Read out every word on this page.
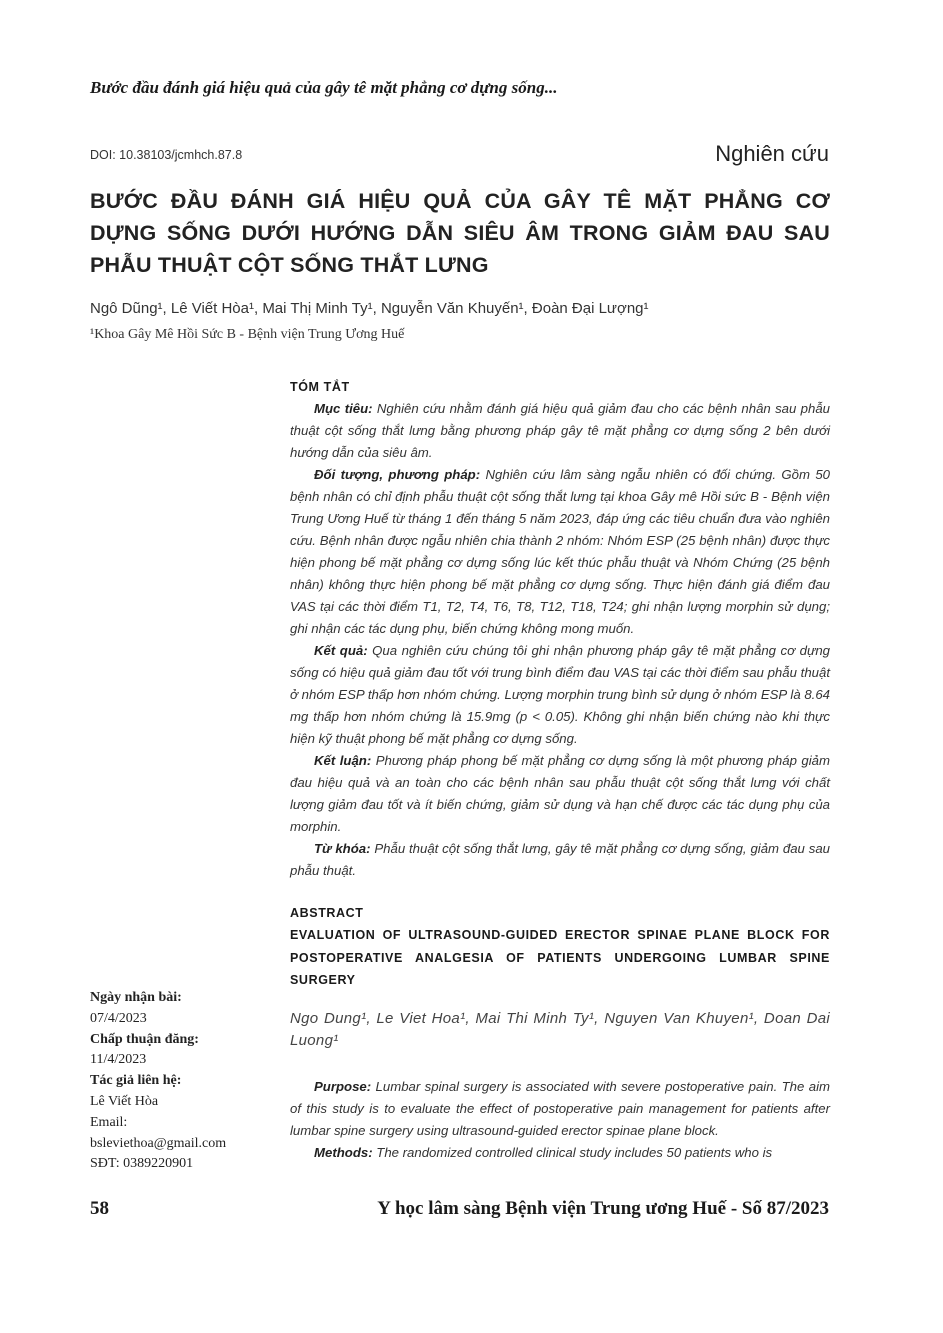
Bước đầu đánh giá hiệu quả của gây tê mặt phẳng cơ dựng sống...
DOI: 10.38103/jcmhch.87.8	Nghiên cứu
BƯỚC ĐẦU ĐÁNH GIÁ HIỆU QUẢ CỦA GÂY TÊ MẶT PHẲNG CƠ
DỰNG SỐNG DƯỚI HƯỚNG DẪN SIÊU ÂM TRONG GIẢM ĐAU SAU
PHẪU THUẬT CỘT SỐNG THẮT LƯNG
Ngô Dũng¹, Lê Viết Hòa¹, Mai Thị Minh Ty¹, Nguyễn Văn Khuyến¹, Đoàn Đại Lượng¹
¹Khoa Gây Mê Hồi Sức B - Bệnh viện Trung Ương Huế
TÓM TẮT

Mục tiêu: Nghiên cứu nhằm đánh giá hiệu quả giảm đau cho các bệnh nhân sau phẫu thuật cột sống thắt lưng bằng phương pháp gây tê mặt phẳng cơ dựng sống 2 bên dưới hướng dẫn của siêu âm.

Đối tượng, phương pháp: Nghiên cứu lâm sàng ngẫu nhiên có đối chứng. Gồm 50 bệnh nhân có chỉ định phẫu thuật cột sống thắt lưng tại khoa Gây mê Hồi sức B - Bệnh viện Trung Ương Huế từ tháng 1 đến tháng 5 năm 2023, đáp ứng các tiêu chuẩn đưa vào nghiên cứu. Bệnh nhân được ngẫu nhiên chia thành 2 nhóm: Nhóm ESP (25 bệnh nhân) được thực hiện phong bế mặt phẳng cơ dựng sống lúc kết thúc phẫu thuật và Nhóm Chứng (25 bệnh nhân) không thực hiện phong bế mặt phẳng cơ dựng sống. Thực hiện đánh giá điểm đau VAS tại các thời điểm T1, T2, T4, T6, T8, T12, T18, T24; ghi nhận lượng morphin sử dụng; ghi nhận các tác dụng phụ, biến chứng không mong muốn.

Kết quả: Qua nghiên cứu chúng tôi ghi nhận phương pháp gây tê mặt phẳng cơ dựng sống có hiệu quả giảm đau tốt với trung bình điểm đau VAS tại các thời điểm sau phẫu thuật ở nhóm ESP thấp hơn nhóm chứng. Lượng morphin trung bình sử dụng ở nhóm ESP là 8.64 mg thấp hơn nhóm chứng là 15.9mg (p < 0.05). Không ghi nhận biến chứng nào khi thực hiện kỹ thuật phong bế mặt phẳng cơ dựng sống.

Kết luận: Phương pháp phong bế mặt phẳng cơ dựng sống là một phương pháp giảm đau hiệu quả và an toàn cho các bệnh nhân sau phẫu thuật cột sống thắt lưng với chất lượng giảm đau tốt và ít biến chứng, giảm sử dụng và hạn chế được các tác dụng phụ của morphin.

Từ khóa: Phẫu thuật cột sống thắt lưng, gây tê mặt phẳng cơ dựng sống, giảm đau sau phẫu thuật.

ABSTRACT

EVALUATION OF ULTRASOUND-GUIDED ERECTOR SPINAE PLANE BLOCK FOR POSTOPERATIVE ANALGESIA OF PATIENTS UNDERGOING LUMBAR SPINE SURGERY

Ngo Dung¹, Le Viet Hoa¹, Mai Thi Minh Ty¹, Nguyen Van Khuyen¹, Doan Dai Luong¹

Purpose: Lumbar spinal surgery is associated with severe postoperative pain. The aim of this study is to evaluate the effect of postoperative pain management for patients after lumbar spine surgery using ultrasound-guided erector spinae plane block.

Methods: The randomized controlled clinical study includes 50 patients who is

Ngày nhận bài:
07/4/2023
Chấp thuận đăng:
11/4/2023
Tác giả liên hệ:
Lê Viết Hòa
Email:
bsleviethoa@gmail.com
SĐT: 0389220901
58	Y học lâm sàng Bệnh viện Trung ương Huế - Số 87/2023
